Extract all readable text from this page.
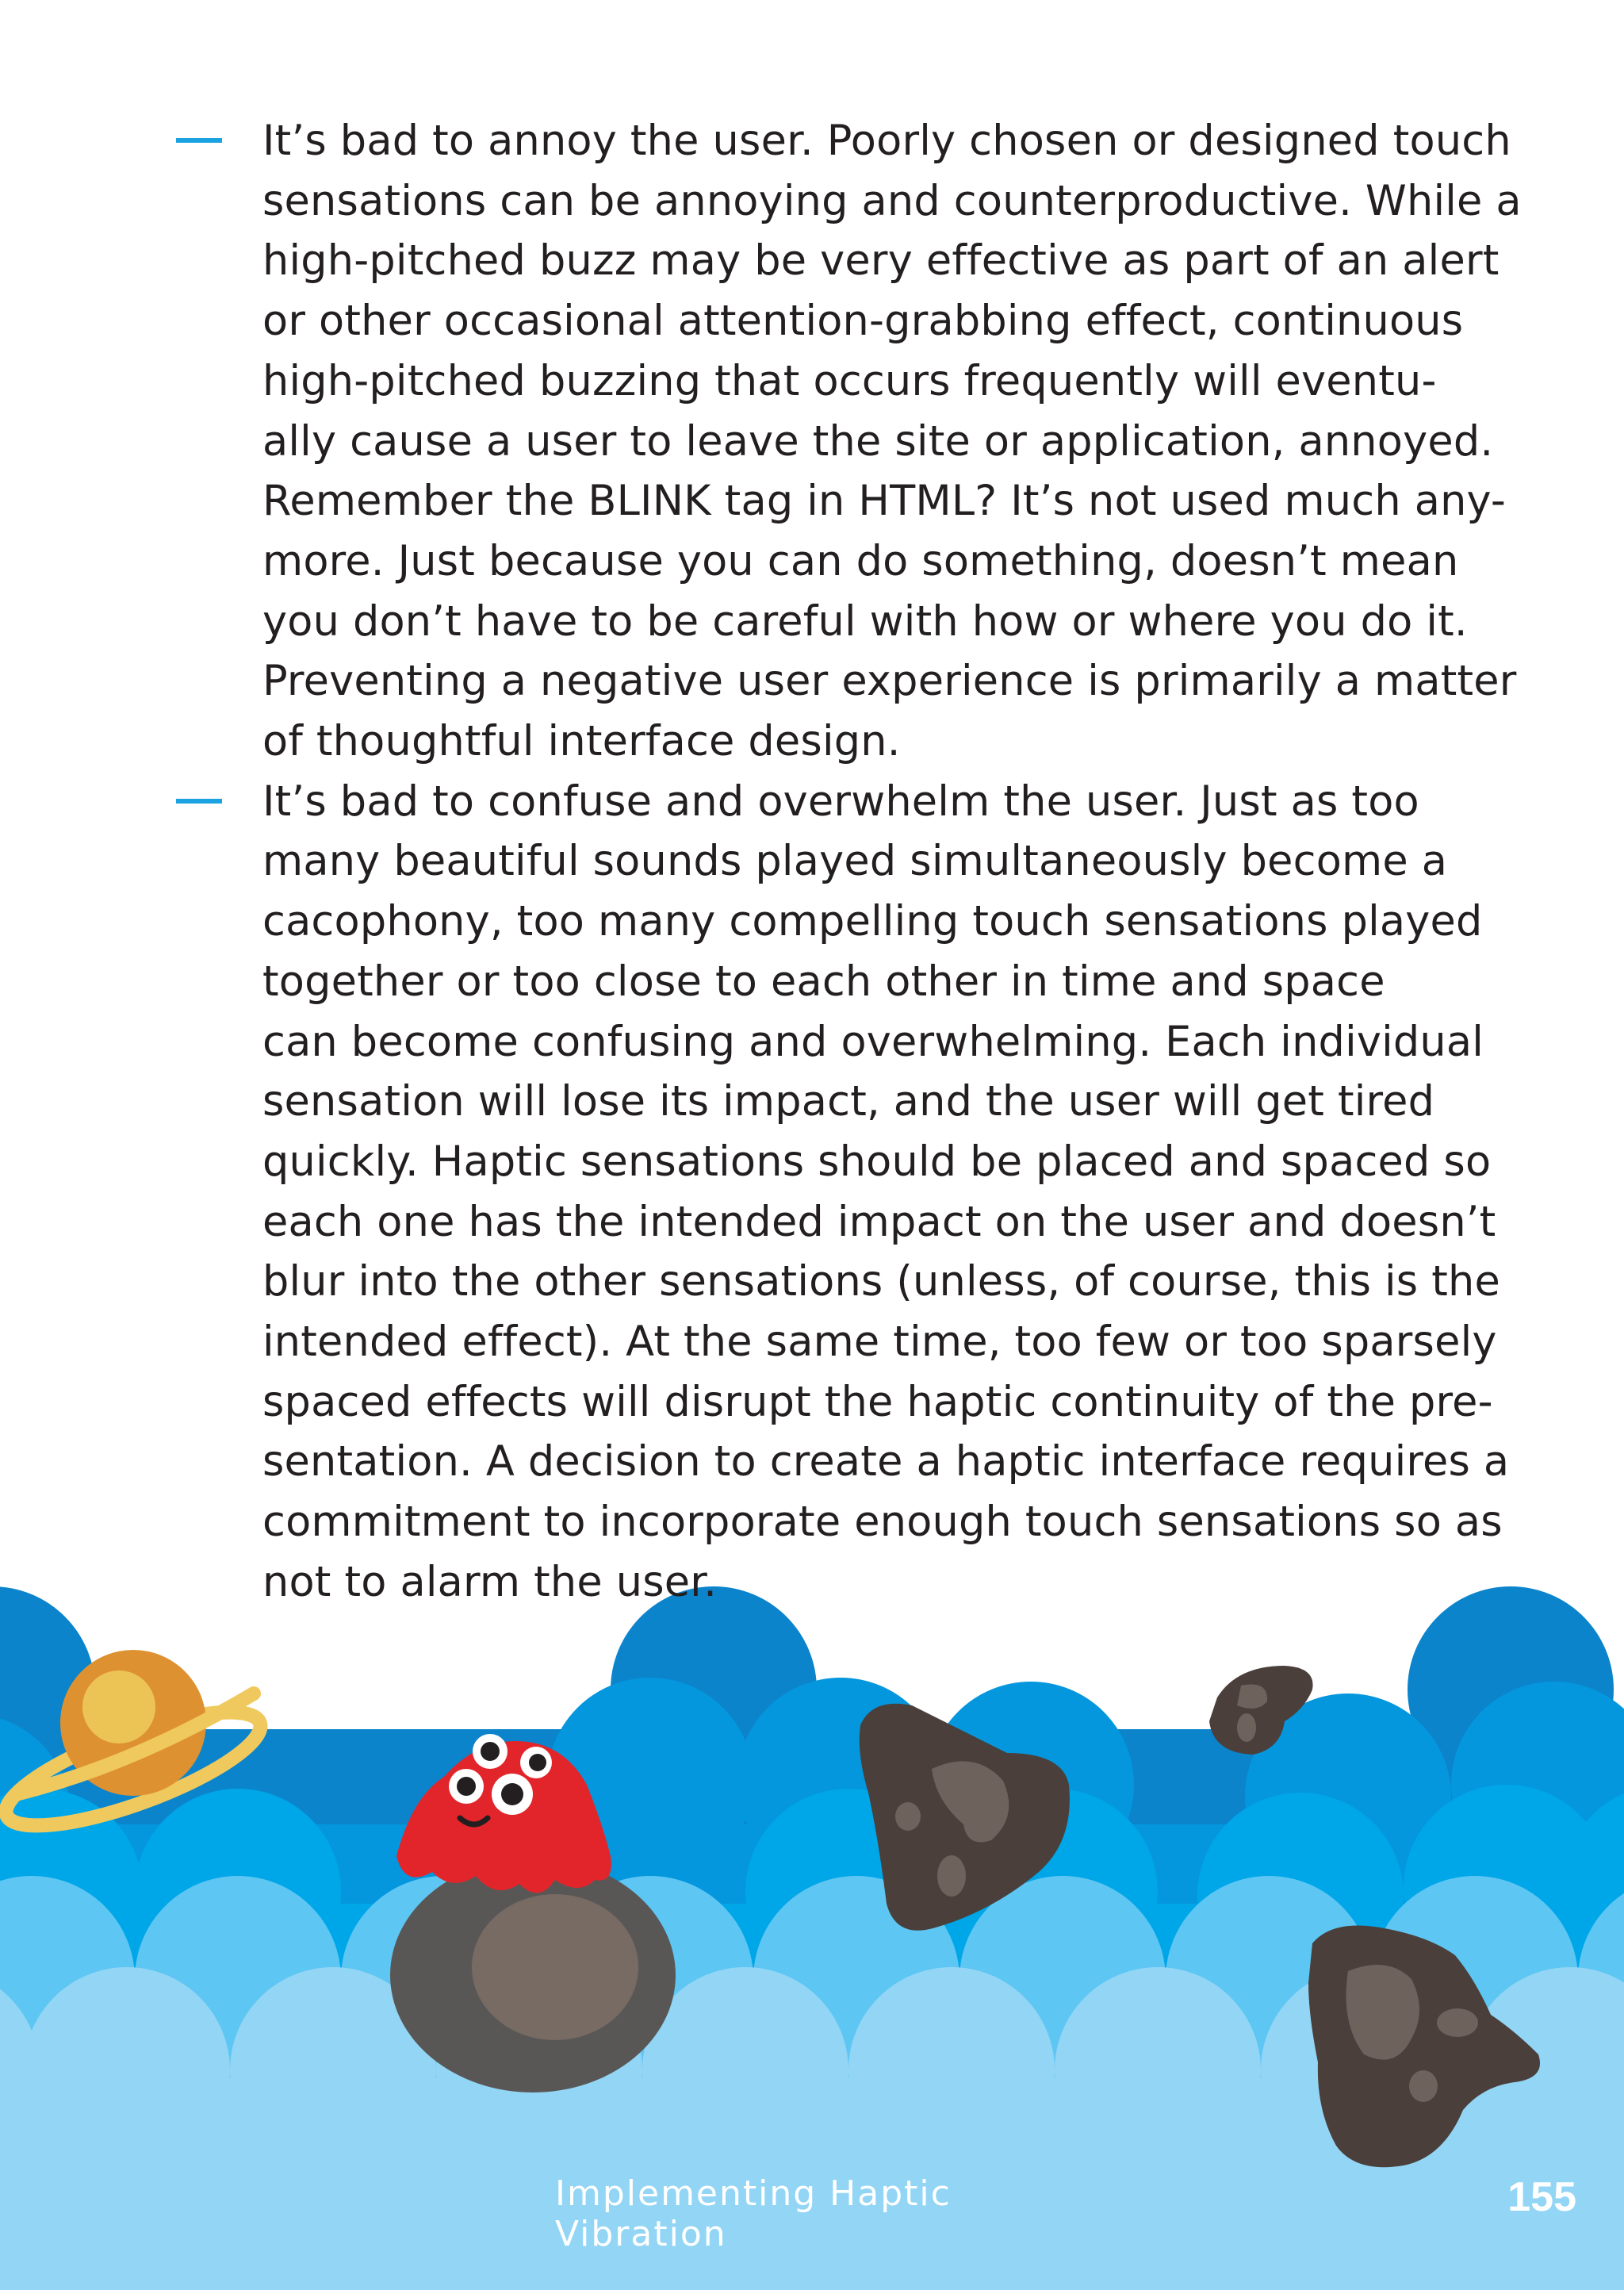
It’s bad to annoy the user. Poorly chosen or designed touch
sensations can be annoying and counterproductive. While a
high-pitched buzz may be very effective as part of an alert
or other occasional attention-grabbing effect, continuous
high-pitched buzzing that occurs frequently will eventu-
ally cause a user to leave the site or application, annoyed.
Remember the BLINK tag in HTML? It’s not used much any-
more. Just because you can do something, doesn’t mean
you don’t have to be careful with how or where you do it.
Preventing a negative user experience is primarily a matter
of thoughtful interface design.
It’s bad to confuse and overwhelm the user. Just as too
many beautiful sounds played simultaneously become a
cacophony, too many compelling touch sensations played
together or too close to each other in time and space
can become confusing and overwhelming. Each individual
sensation will lose its impact, and the user will get tired
quickly. Haptic sensations should be placed and spaced so
each one has the intended impact on the user and doesn’t
blur into the other sensations (unless, of course, this is the
intended effect). At the same time, too few or too sparsely
spaced effects will disrupt the haptic continuity of the pre-
sentation. A decision to create a haptic interface requires a
commitment to incorporate enough touch sensations so as
not to alarm the user.
Implementing Haptic Vibration
155
